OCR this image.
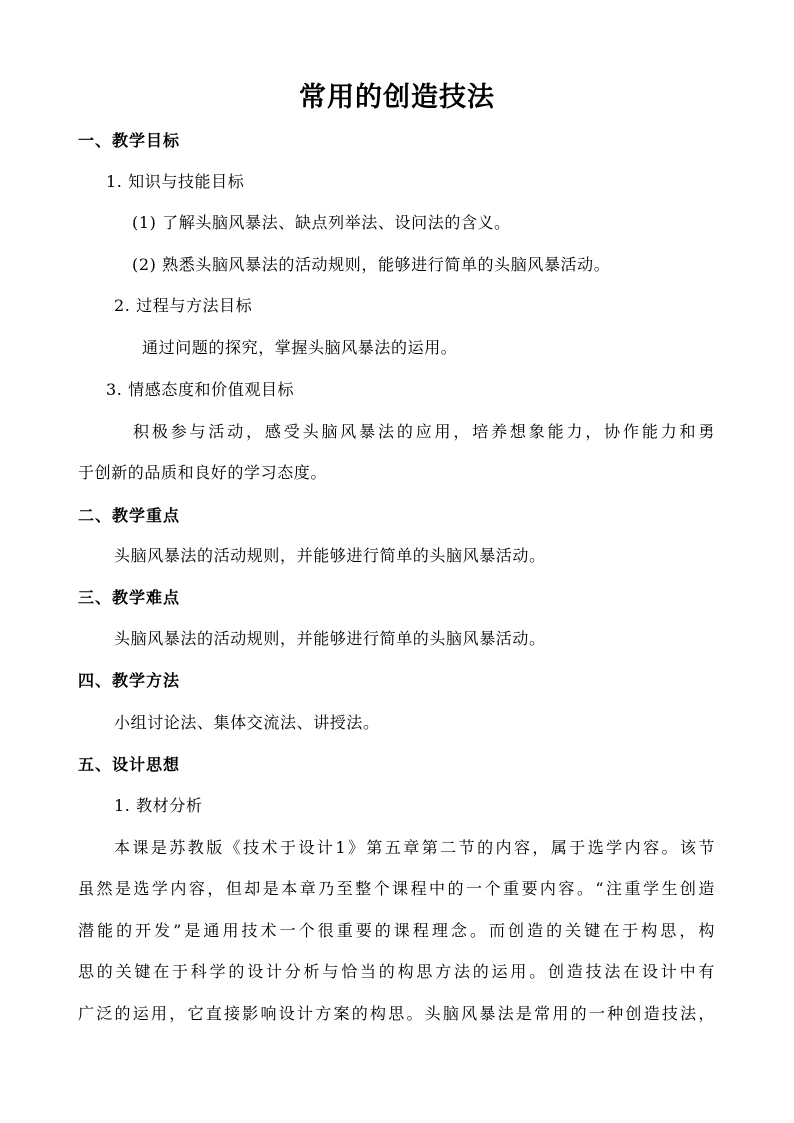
常用的创造技法
一、教学目标
1. 知识与技能目标
(1) 了解头脑风暴法、缺点列举法、设问法的含义。
(2) 熟悉头脑风暴法的活动规则，能够进行简单的头脑风暴活动。
2. 过程与方法目标
通过问题的探究，掌握头脑风暴法的运用。
3. 情感态度和价值观目标
积极参与活动，感受头脑风暴法的应用，培养想象能力，协作能力和勇
于创新的品质和良好的学习态度。
二、教学重点
头脑风暴法的活动规则，并能够进行简单的头脑风暴活动。
三、教学难点
头脑风暴法的活动规则，并能够进行简单的头脑风暴活动。
四、教学方法
小组讨论法、集体交流法、讲授法。
五、设计思想
1. 教材分析
本课是苏教版《技术于设计1》第五章第二节的内容，属于选学内容。该节
虽然是选学内容，但却是本章乃至整个课程中的一个重要内容。“注重学生创造
潜能的开发”是通用技术一个很重要的课程理念。而创造的关键在于构思，构
思的关键在于科学的设计分析与恰当的构思方法的运用。创造技法在设计中有
广泛的运用，它直接影响设计方案的构思。头脑风暴法是常用的一种创造技法，
